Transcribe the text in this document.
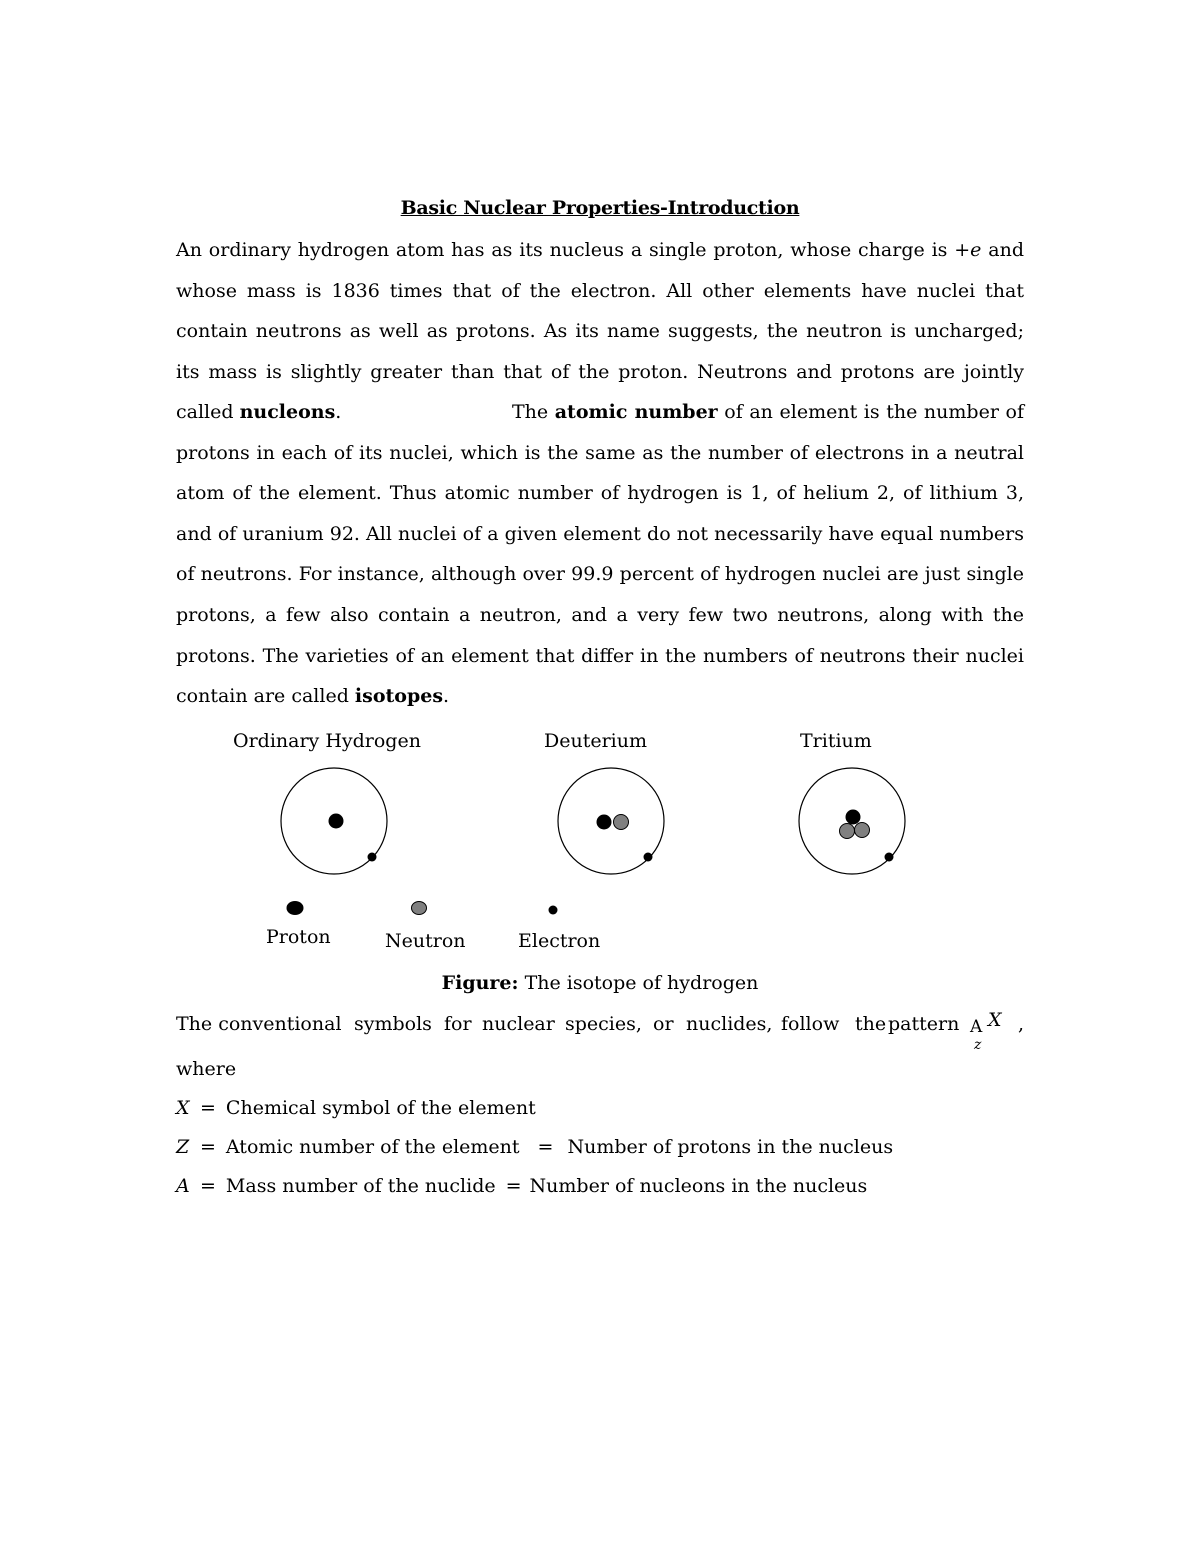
Basic Nuclear Properties-Introduction

An ordinary hydrogen atom has as its nucleus a single proton, whose charge is +e and whose mass is 1836 times that of the electron. All other elements have nuclei that contain neutrons as well as protons. As its name suggests, the neutron is uncharged; its mass is slightly greater than that of the proton. Neutrons and protons are jointly called nucleons.	The atomic number of an element is the number of protons in each of its nuclei, which is the same as the number of electrons in a neutral atom of the element. Thus atomic number of hydrogen is 1, of helium 2, of lithium 3, and of uranium 92. All nuclei of a given element do not necessarily have equal numbers of neutrons. For instance, although over 99.9 percent of hydrogen nuclei are just single protons, a few also contain a neutron, and a very few two neutrons, along with the protons. The varieties of an element that differ in the numbers of neutrons their nuclei contain are called isotopes.

Ordinary Hydrogen	Deuterium	Tritium
Proton	Neutron	Electron
Figure: The isotope of hydrogen
The conventional symbols for nuclear species, or nuclides, follow the pattern A
z
X ,
where
X = Chemical symbol of the element
Z = Atomic number of the element = Number of protons in the nucleus
A = Mass number of the nuclide = Number of nucleons in the nucleus
